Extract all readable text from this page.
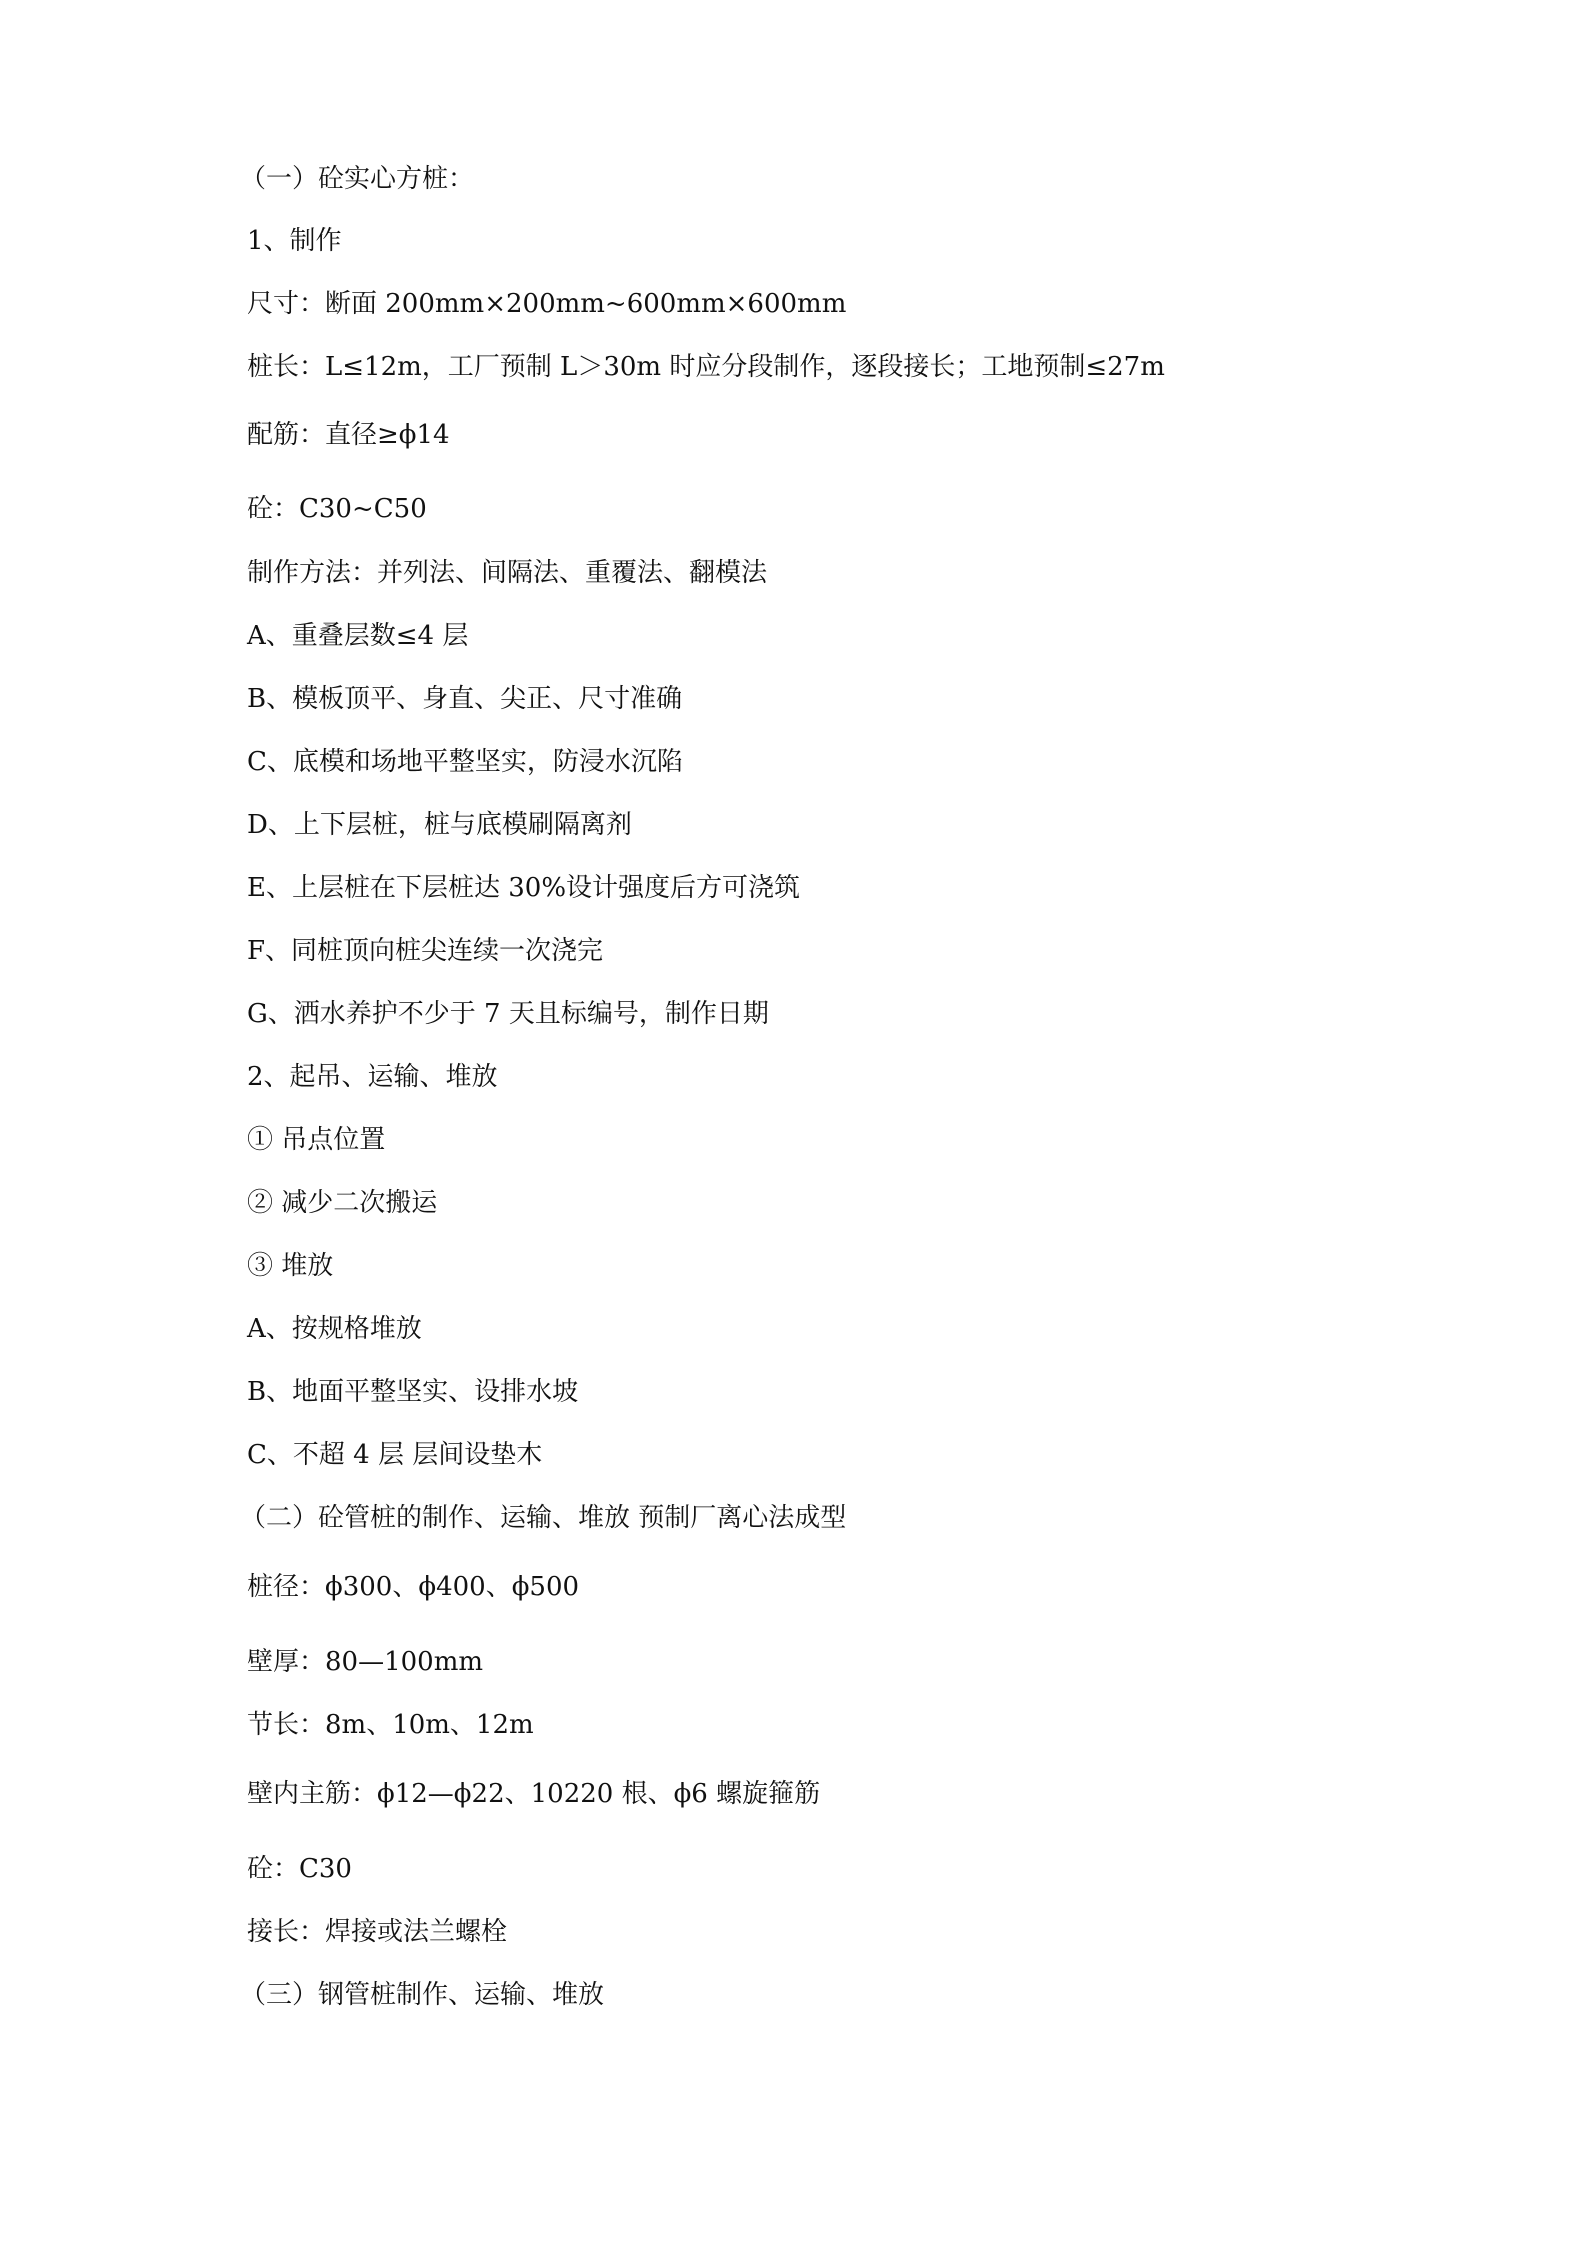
（一）砼实心方桩：
1、制作
尺寸：断面 200mm×200mm~600mm×600mm
桩长：L≤12m，工厂预制 L＞30m 时应分段制作，逐段接长；工地预制≤27m
配筋：直径≥ϕ14
砼：C30~C50
制作方法：并列法、间隔法、重覆法、翻模法
A、重叠层数≤4 层
B、模板顶平、身直、尖正、尺寸准确
C、底模和场地平整坚实，防浸水沉陷
D、上下层桩，桩与底模刷隔离剂
E、上层桩在下层桩达 30%设计强度后方可浇筑
F、同桩顶向桩尖连续一次浇完
G、洒水养护不少于 7 天且标编号，制作日期
2、起吊、运输、堆放
① 吊点位置
② 减少二次搬运
③ 堆放
A、按规格堆放
B、地面平整坚实、设排水坡
C、不超 4 层 层间设垫木
（二）砼管桩的制作、运输、堆放 预制厂离心法成型
桩径：ϕ300、ϕ400、ϕ500
壁厚：80—100mm
节长：8m、10m、12m
壁内主筋：ϕ12—ϕ22、10220 根、ϕ6 螺旋箍筋
砼：C30
接长：焊接或法兰螺栓
（三）钢管桩制作、运输、堆放
